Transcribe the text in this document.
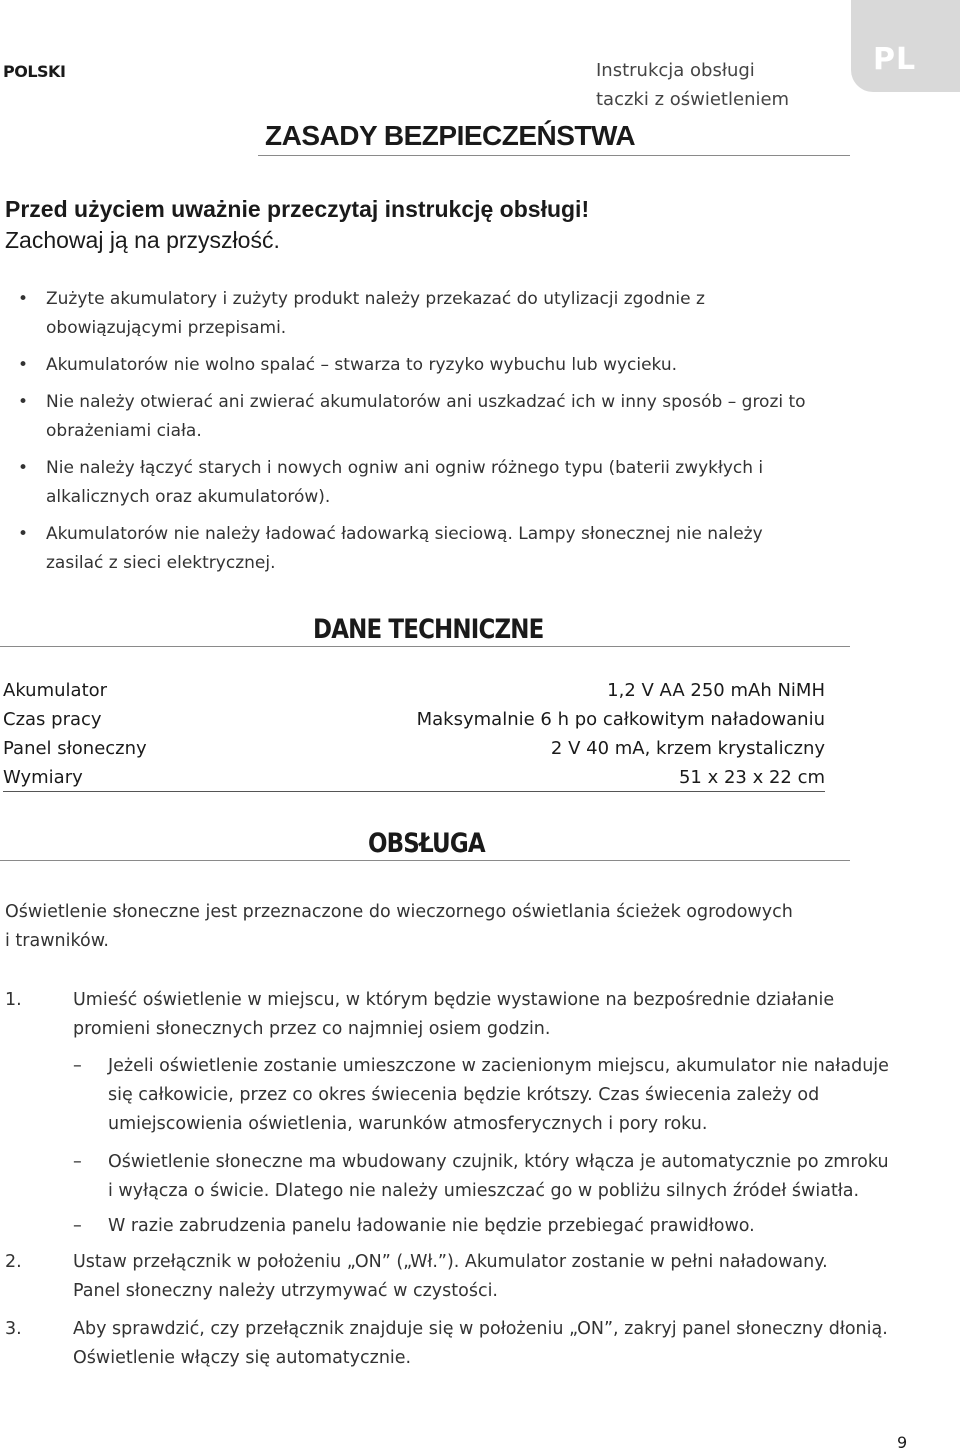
POLSKI	Instrukcja obsługi
taczki z oświetleniem
PL
ZASADY BEZPIECZEŃSTWA
Przed użyciem uważnie przeczytaj instrukcję obsługi!
Zachowaj ją na przyszłość.
• Zużyte akumulatory i zużyty produkt należy przekazać do utylizacji zgodnie z obowiązującymi przepisami.
• Akumulatorów nie wolno spalać – stwarza to ryzyko wybuchu lub wycieku.
• Nie należy otwierać ani zwierać akumulatorów ani uszkadzać ich w inny sposób – grozi to obrażeniami ciała.
• Nie należy łączyć starych i nowych ogniw ani ogniw różnego typu (baterii zwykłych i alkalicznych oraz akumulatorów).
• Akumulatorów nie należy ładować ładowarką sieciową. Lampy słonecznej nie należy zasilać z sieci elektrycznej.
DANE TECHNICZNE
Akumulator	1,2 V AA 250 mAh NiMH
Czas pracy	Maksymalnie 6 h po całkowitym naładowaniu
Panel słoneczny	2 V 40 mA, krzem krystaliczny
Wymiary	51 x 23 x 22 cm
OBSŁUGA
Oświetlenie słoneczne jest przeznaczone do wieczornego oświetlania ścieżek ogrodowych
i trawników.
1.	Umieść oświetlenie w miejscu, w którym będzie wystawione na bezpośrednie działanie
promieni słonecznych przez co najmniej osiem godzin.
– Jeżeli oświetlenie zostanie umieszczone w zacienionym miejscu, akumulator nie naładuje
się całkowicie, przez co okres świecenia będzie krótszy. Czas świecenia zależy od
umiejscowienia oświetlenia, warunków atmosferycznych i pory roku.
– Oświetlenie słoneczne ma wbudowany czujnik, który włącza je automatycznie po zmroku
i wyłącza o świcie. Dlatego nie należy umieszczać go w pobliżu silnych źródeł światła.
– W razie zabrudzenia panelu ładowanie nie będzie przebiegać prawidłowo.
2.	Ustaw przełącznik w położeniu „ON” („Wł.”). Akumulator zostanie w pełni naładowany.
Panel słoneczny należy utrzymywać w czystości.
3.	Aby sprawdzić, czy przełącznik znajduje się w położeniu „ON”, zakryj panel słoneczny dłonią.
Oświetlenie włączy się automatycznie.
9
